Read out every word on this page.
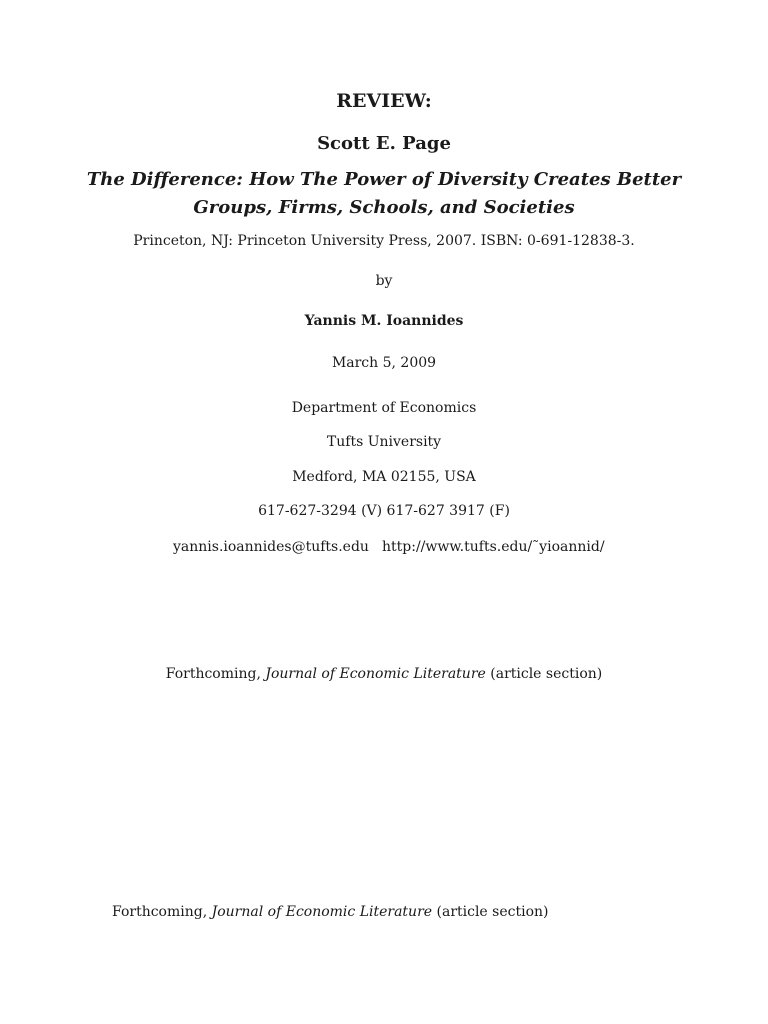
REVIEW:
Scott E. Page
The Difference: How The Power of Diversity Creates Better
Groups, Firms, Schools, and Societies
Princeton, NJ: Princeton University Press, 2007. ISBN: 0-691-12838-3.
by
Yannis M. Ioannides
March 5, 2009
Department of Economics
Tufts University
Medford, MA 02155, USA
617-627-3294 (V) 617-627 3917 (F)
yannis.ioannides@tufts.edu http://www.tufts.edu/˜yioannid/
Forthcoming, Journal of Economic Literature (article section)
Forthcoming, Journal of Economic Literature (article section)
